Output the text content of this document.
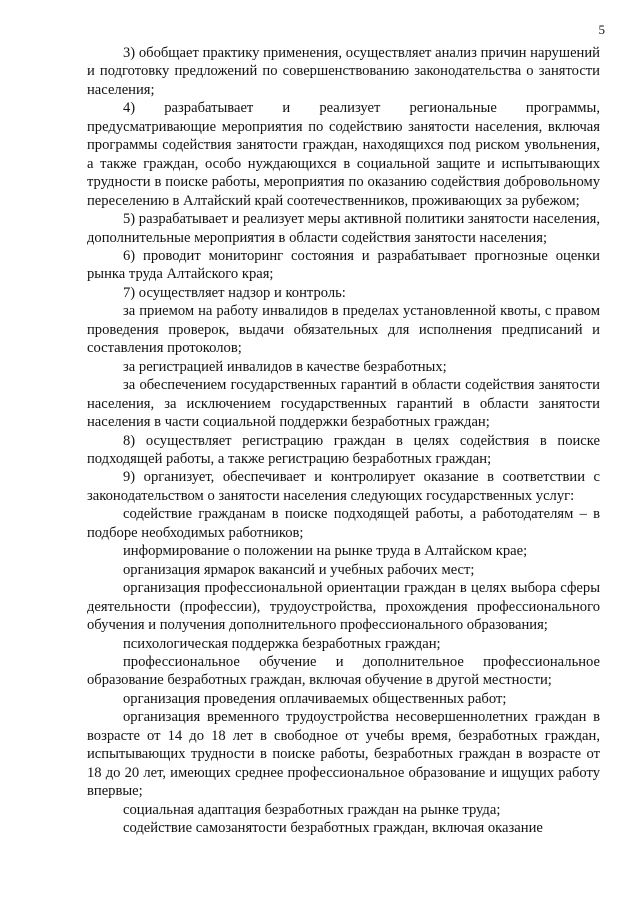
5

3) обобщает практику применения, осуществляет анализ причин нарушений и подготовку предложений по совершенствованию законодательства о занятости населения;

4) разрабатывает и реализует региональные программы, предусматривающие мероприятия по содействию занятости населения, включая программы содействия занятости граждан, находящихся под риском увольнения, а также граждан, особо нуждающихся в социальной защите и испытывающих трудности в поиске работы, мероприятия по оказанию содействия добровольному переселению в Алтайский край соотечественников, проживающих за рубежом;

5) разрабатывает и реализует меры активной политики занятости населения, дополнительные мероприятия в области содействия занятости населения;

6) проводит мониторинг состояния и разрабатывает прогнозные оценки рынка труда Алтайского края;

7) осуществляет надзор и контроль:

за приемом на работу инвалидов в пределах установленной квоты, с правом проведения проверок, выдачи обязательных для исполнения предписаний и составления протоколов;

за регистрацией инвалидов в качестве безработных;

за обеспечением государственных гарантий в области содействия занятости населения, за исключением государственных гарантий в области занятости населения в части социальной поддержки безработных граждан;

8) осуществляет регистрацию граждан в целях содействия в поиске подходящей работы, а также регистрацию безработных граждан;

9) организует, обеспечивает и контролирует оказание в соответствии с законодательством о занятости населения следующих государственных услуг:

содействие гражданам в поиске подходящей работы, а работодателям – в подборе необходимых работников;

информирование о положении на рынке труда в Алтайском крае;

организация ярмарок вакансий и учебных рабочих мест;

организация профессиональной ориентации граждан в целях выбора сферы деятельности (профессии), трудоустройства, прохождения профессионального обучения и получения дополнительного профессионального образования;

психологическая поддержка безработных граждан;

профессиональное обучение и дополнительное профессиональное образование безработных граждан, включая обучение в другой местности;

организация проведения оплачиваемых общественных работ;

организация временного трудоустройства несовершеннолетних граждан в возрасте от 14 до 18 лет в свободное от учебы время, безработных граждан, испытывающих трудности в поиске работы, безработных граждан в возрасте от 18 до 20 лет, имеющих среднее профессиональное образование и ищущих работу впервые;

социальная адаптация безработных граждан на рынке труда;

содействие самозанятости безработных граждан, включая оказание
